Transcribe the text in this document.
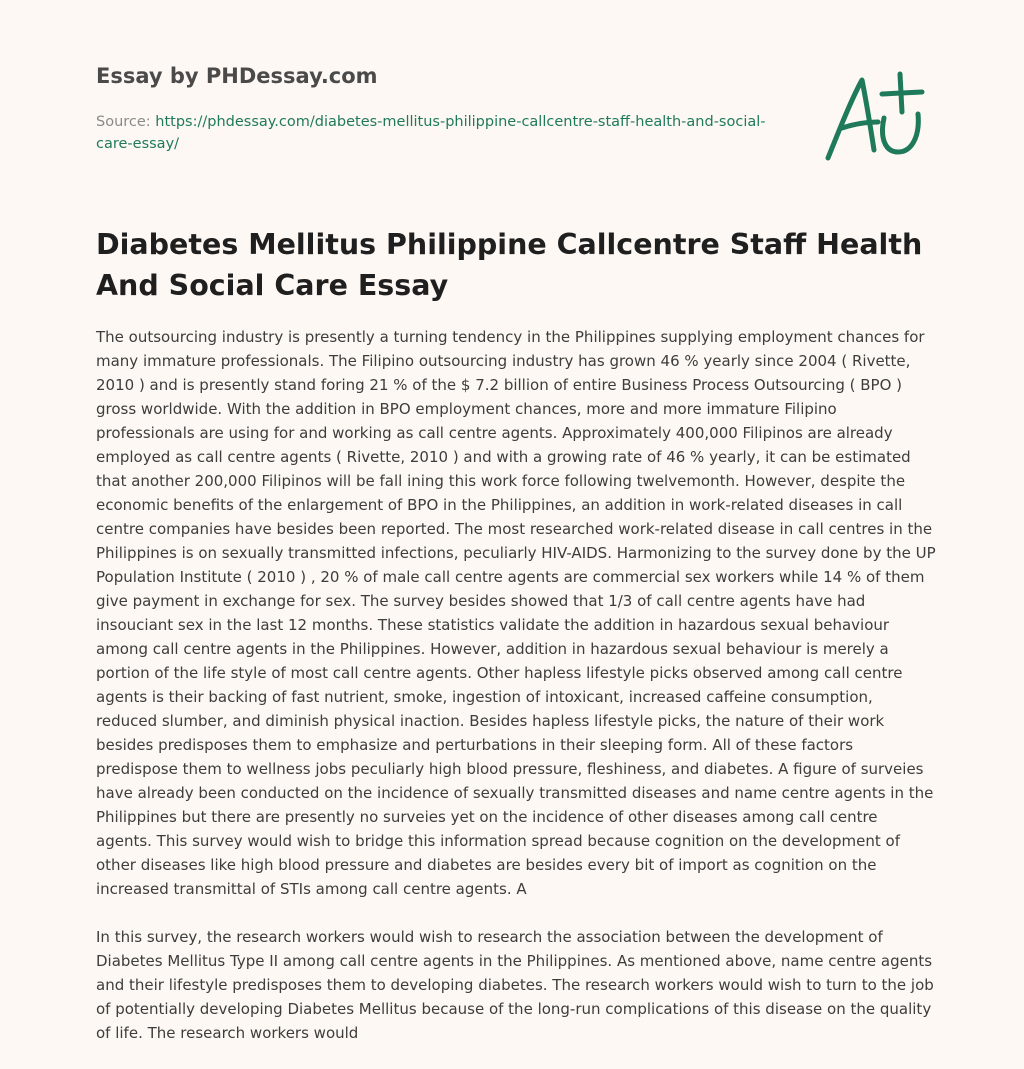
Essay by PHDessay.com
Source: https://phdessay.com/diabetes-mellitus-philippine-callcentre-staff-health-and-social-care-essay/
Diabetes Mellitus Philippine Callcentre Staff Health And Social Care Essay

The outsourcing industry is presently a turning tendency in the Philippines supplying employment chances for many immature professionals. The Filipino outsourcing industry has grown 46 % yearly since 2004 ( Rivette, 2010 ) and is presently stand foring 21 % of the $ 7.2 billion of entire Business Process Outsourcing ( BPO ) gross worldwide. With the addition in BPO employment chances, more and more immature Filipino professionals are using for and working as call centre agents. Approximately 400,000 Filipinos are already employed as call centre agents ( Rivette, 2010 ) and with a growing rate of 46 % yearly, it can be estimated that another 200,000 Filipinos will be fall ining this work force following twelvemonth. However, despite the economic benefits of the enlargement of BPO in the Philippines, an addition in work-related diseases in call centre companies have besides been reported. The most researched work-related disease in call centres in the Philippines is on sexually transmitted infections, peculiarly HIV-AIDS. Harmonizing to the survey done by the UP Population Institute ( 2010 ) , 20 % of male call centre agents are commercial sex workers while 14 % of them give payment in exchange for sex. The survey besides showed that 1/3 of call centre agents have had insouciant sex in the last 12 months. These statistics validate the addition in hazardous sexual behaviour among call centre agents in the Philippines. However, addition in hazardous sexual behaviour is merely a portion of the life style of most call centre agents. Other hapless lifestyle picks observed among call centre agents is their backing of fast nutrient, smoke, ingestion of intoxicant, increased caffeine consumption, reduced slumber, and diminish physical inaction. Besides hapless lifestyle picks, the nature of their work besides predisposes them to emphasize and perturbations in their sleeping form. All of these factors predispose them to wellness jobs peculiarly high blood pressure, fleshiness, and diabetes. A figure of surveies have already been conducted on the incidence of sexually transmitted diseases and name centre agents in the Philippines but there are presently no surveies yet on the incidence of other diseases among call centre agents. This survey would wish to bridge this information spread because cognition on the development of other diseases like high blood pressure and diabetes are besides every bit of import as cognition on the increased transmittal of STIs among call centre agents. A

In this survey, the research workers would wish to research the association between the development of Diabetes Mellitus Type II among call centre agents in the Philippines. As mentioned above, name centre agents and their lifestyle predisposes them to developing diabetes. The research workers would wish to turn to the job of potentially developing Diabetes Mellitus because of the long-run complications of this disease on the quality of life. The research workers would
